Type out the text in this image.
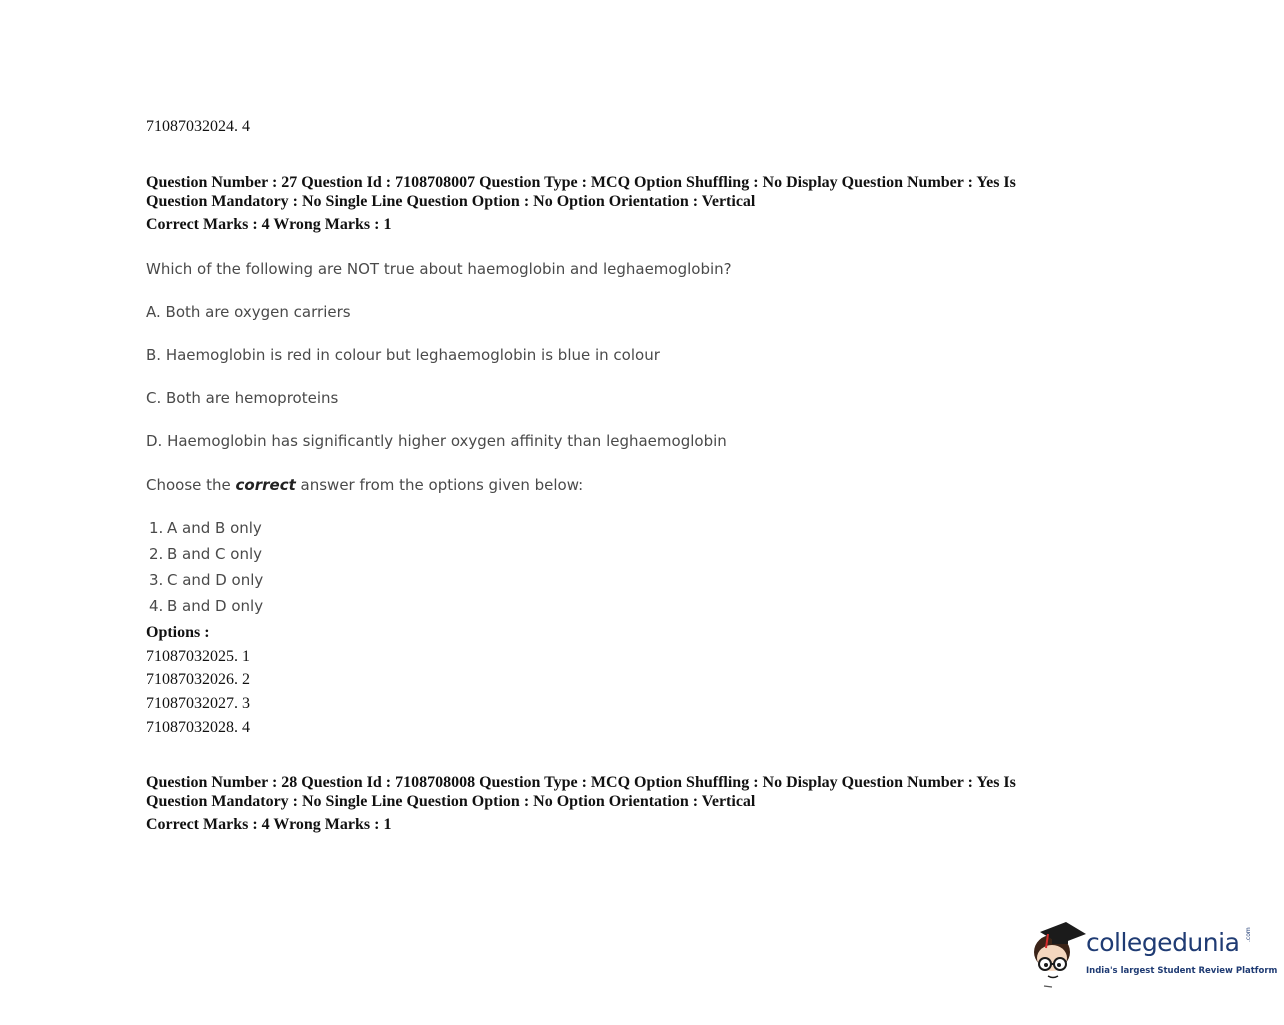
71087032024. 4
Question Number : 27 Question Id : 7108708007 Question Type : MCQ Option Shuffling : No Display Question Number : Yes Is
Question Mandatory : No Single Line Question Option : No Option Orientation : Vertical
Correct Marks : 4 Wrong Marks : 1
Which of the following are NOT true about haemoglobin and leghaemoglobin?
A. Both are oxygen carriers
B. Haemoglobin is red in colour but leghaemoglobin is blue in colour
C. Both are hemoproteins
D. Haemoglobin has significantly higher oxygen affinity than leghaemoglobin
Choose the correct answer from the options given below:
1. A and B only
2. B and C only
3. C and D only
4. B and D only
Options :
71087032025. 1
71087032026. 2
71087032027. 3
71087032028. 4
Question Number : 28 Question Id : 7108708008 Question Type : MCQ Option Shuffling : No Display Question Number : Yes Is
Question Mandatory : No Single Line Question Option : No Option Orientation : Vertical
Correct Marks : 4 Wrong Marks : 1
collegedunia .com
India's largest Student Review Platform
